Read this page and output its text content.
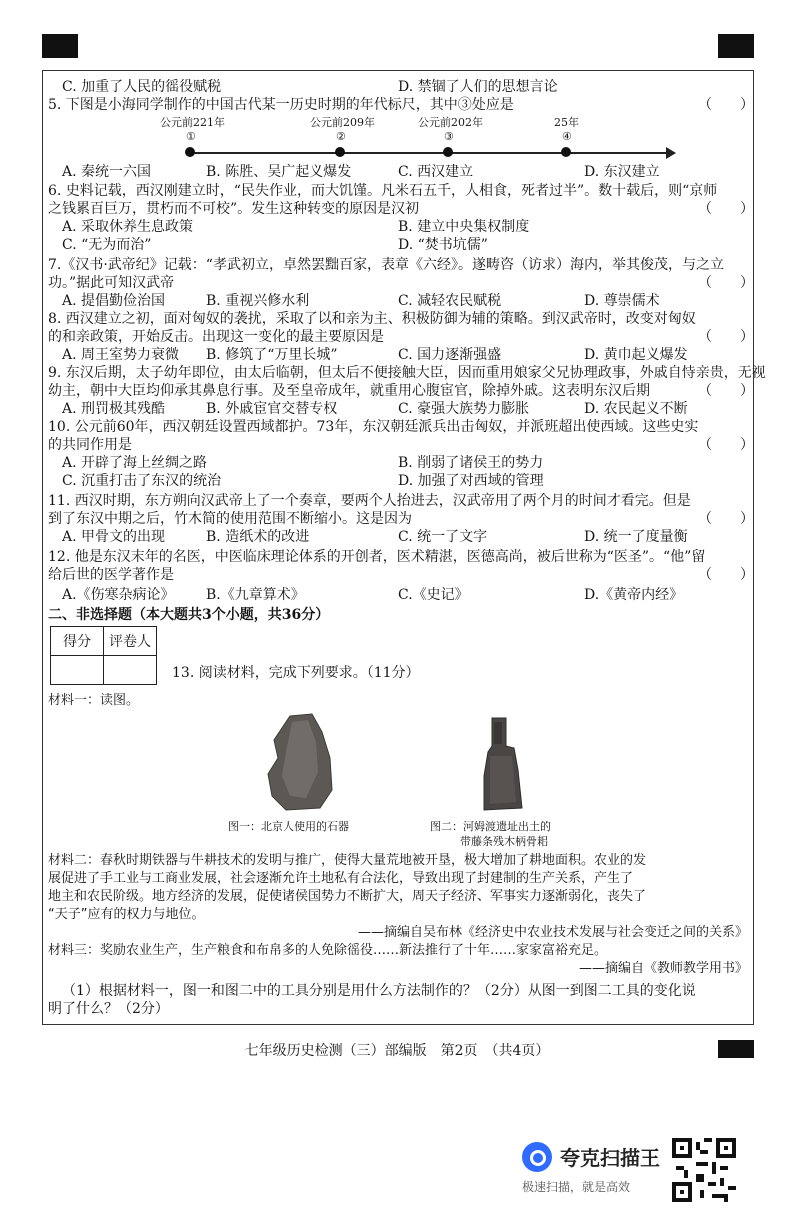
C. 加重了人民的徭役赋税	D. 禁锢了人们的思想言论
5. 下图是小海同学制作的中国古代某一历史时期的年代标尺，其中③处应是	（　　）
公元前221年
①
公元前209年
②
公元前202年
③
25年
④
A. 秦统一六国	B. 陈胜、吴广起义爆发	C. 西汉建立	D. 东汉建立
6. 史料记载，西汉刚建立时，“民失作业，而大饥馑。凡米石五千，人相食，死者过半”。数十载后，则“京师
之钱累百巨万，贯朽而不可校”。发生这种转变的原因是汉初	（　　）
A. 采取休养生息政策	B. 建立中央集权制度
C. “无为而治”	D. “焚书坑儒”
7.《汉书·武帝纪》记载：“孝武初立，卓然罢黜百家，表章《六经》。遂畴咨（访求）海内，举其俊茂，与之立
功。”据此可知汉武帝	（　　）
A. 提倡勤俭治国	B. 重视兴修水利	C. 减轻农民赋税	D. 尊崇儒术
8. 西汉建立之初，面对匈奴的袭扰，采取了以和亲为主、积极防御为辅的策略。到汉武帝时，改变对匈奴
的和亲政策，开始反击。出现这一变化的最主要原因是	（　　）
A. 周王室势力衰微 B. 修筑了“万里长城”	C. 国力逐渐强盛	D. 黄巾起义爆发
9. 东汉后期，太子幼年即位，由太后临朝，但太后不便接触大臣，因而重用娘家父兄协理政事，外戚自恃亲贵，无视
幼主，朝中大臣均仰承其鼻息行事。及至皇帝成年，就重用心腹宦官，除掉外戚。这表明东汉后期	（　　）
A. 刑罚极其残酷	B. 外戚宦官交替专权	C. 豪强大族势力膨胀	D. 农民起义不断
10. 公元前60年，西汉朝廷设置西域都护。73年，东汉朝廷派兵出击匈奴，并派班超出使西域。这些史实
的共同作用是	（　　）
A. 开辟了海上丝绸之路	B. 削弱了诸侯王的势力
C. 沉重打击了东汉的统治	D. 加强了对西域的管理
11. 西汉时期，东方朔向汉武帝上了一个奏章，要两个人抬进去，汉武帝用了两个月的时间才看完。但是
到了东汉中期之后，竹木简的使用范围不断缩小。这是因为	（　　）
A. 甲骨文的出现	B. 造纸术的改进	C. 统一了文字	D. 统一了度量衡
12. 他是东汉末年的名医，中医临床理论体系的开创者，医术精湛，医德高尚，被后世称为“医圣”。“他”留
给后世的医学著作是	（　　）
A.《伤寒杂病论》 B.《九章算术》	C.《史记》	D.《黄帝内经》
二、非选择题（本大题共3个小题，共36分）
得分	评卷人

13. 阅读材料，完成下列要求。（11分）
材料一：读图。
图一：北京人使用的石器	图二：河姆渡遗址出土的
带藤条残木柄骨耜
材料二：春秋时期铁器与牛耕技术的发明与推广，使得大量荒地被开垦，极大增加了耕地面积。农业的发
展促进了手工业与工商业发展，社会逐渐允许土地私有合法化，导致出现了封建制的生产关系，产生了
地主和农民阶级。地方经济的发展，促使诸侯国势力不断扩大，周天子经济、军事实力逐渐弱化，丧失了
“天子”应有的权力与地位。
——摘编自吴布林《经济史中农业技术发展与社会变迁之间的关系》
材料三：奖励农业生产，生产粮食和布帛多的人免除徭役……新法推行了十年……家家富裕充足。
——摘编自《教师教学用书》
（1）根据材料一，图一和图二中的工具分别是用什么方法制作的？（2分）从图一到图二工具的变化说
明了什么？（2分）
七年级历史检测（三）部编版　第2页　（共4页）
夸克扫描王
极速扫描，就是高效
